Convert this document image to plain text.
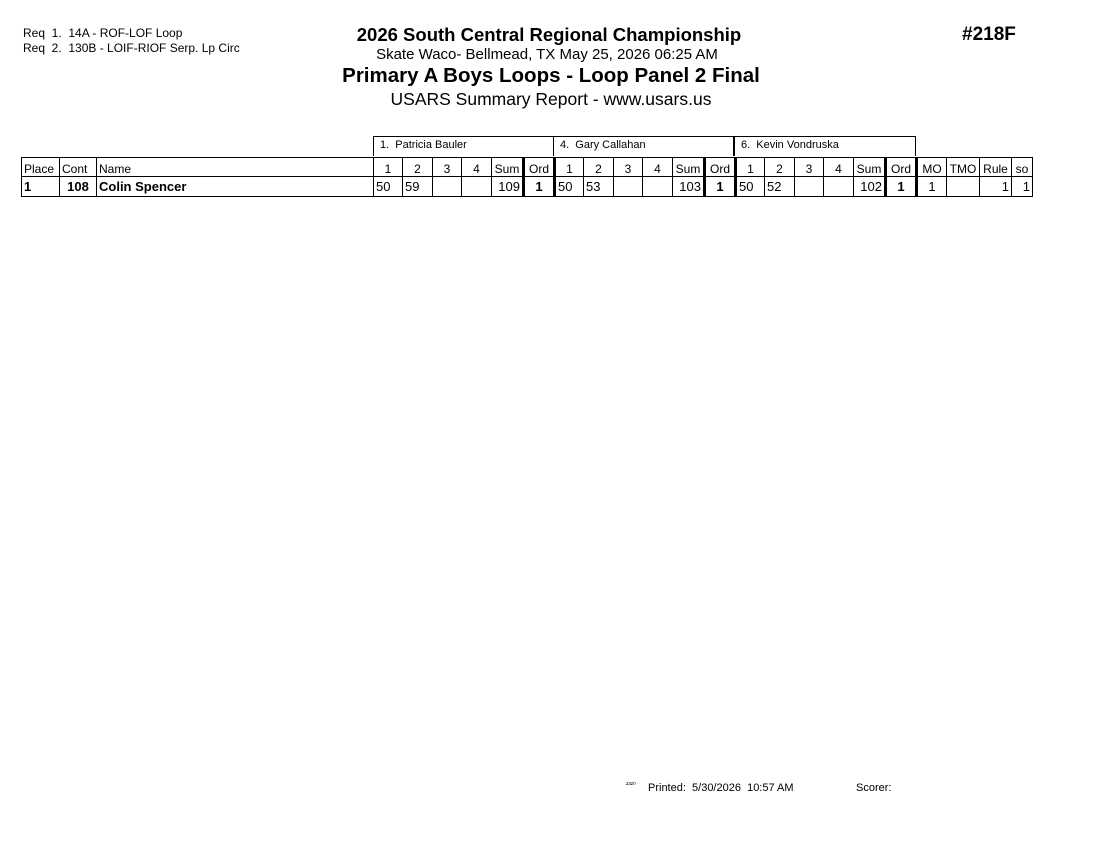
Req  1.  14A - ROF-LOF Loop
Req  2.  130B - LOIF-RIOF Serp. Lp Circ
2026 South Central Regional Championship
Skate Waco- Bellmead, TX May 25, 2026 06:25 AM
Primary A Boys Loops - Loop Panel 2 Final
USARS Summary Report - www.usars.us
#218F
1.  Patricia Bauler	4.  Gary Callahan	6.  Kevin Vondruska
Place	Cont	Name	1	2	3	4	Sum	Ord	1	2	3	4	Sum	Ord	1	2	3	4	Sum	Ord	MO	TMO	Rule	so
1	108	Colin Spencer	50	59			109	1	50	53			103	1	50	52			102	1	1		1	1
²³²⁰ Printed:  5/30/2026  10:57 AM	Scorer:
